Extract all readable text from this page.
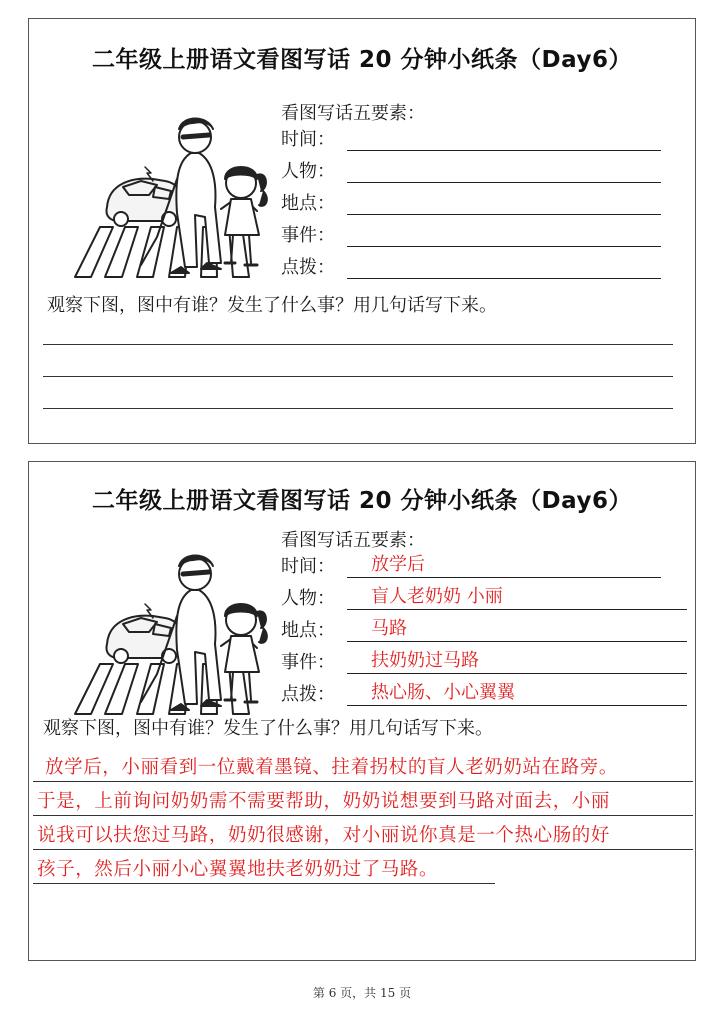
二年级上册语文看图写话 20 分钟小纸条（Day6）
看图写话五要素：
时间：
人物：
地点：
事件：
点拨：
观察下图，图中有谁？发生了什么事？用几句话写下来。
二年级上册语文看图写话 20 分钟小纸条（Day6）
看图写话五要素：
时间： 放学后
人物： 盲人老奶奶 小丽
地点： 马路
事件： 扶奶奶过马路
点拨： 热心肠、小心翼翼
观察下图，图中有谁？发生了什么事？用几句话写下来。
放学后，小丽看到一位戴着墨镜、拄着拐杖的盲人老奶奶站在路旁。
于是，上前询问奶奶需不需要帮助，奶奶说想要到马路对面去，小丽
说我可以扶您过马路，奶奶很感谢，对小丽说你真是一个热心肠的好
孩子，然后小丽小心翼翼地扶老奶奶过了马路。
第 6 页，共 15 页
